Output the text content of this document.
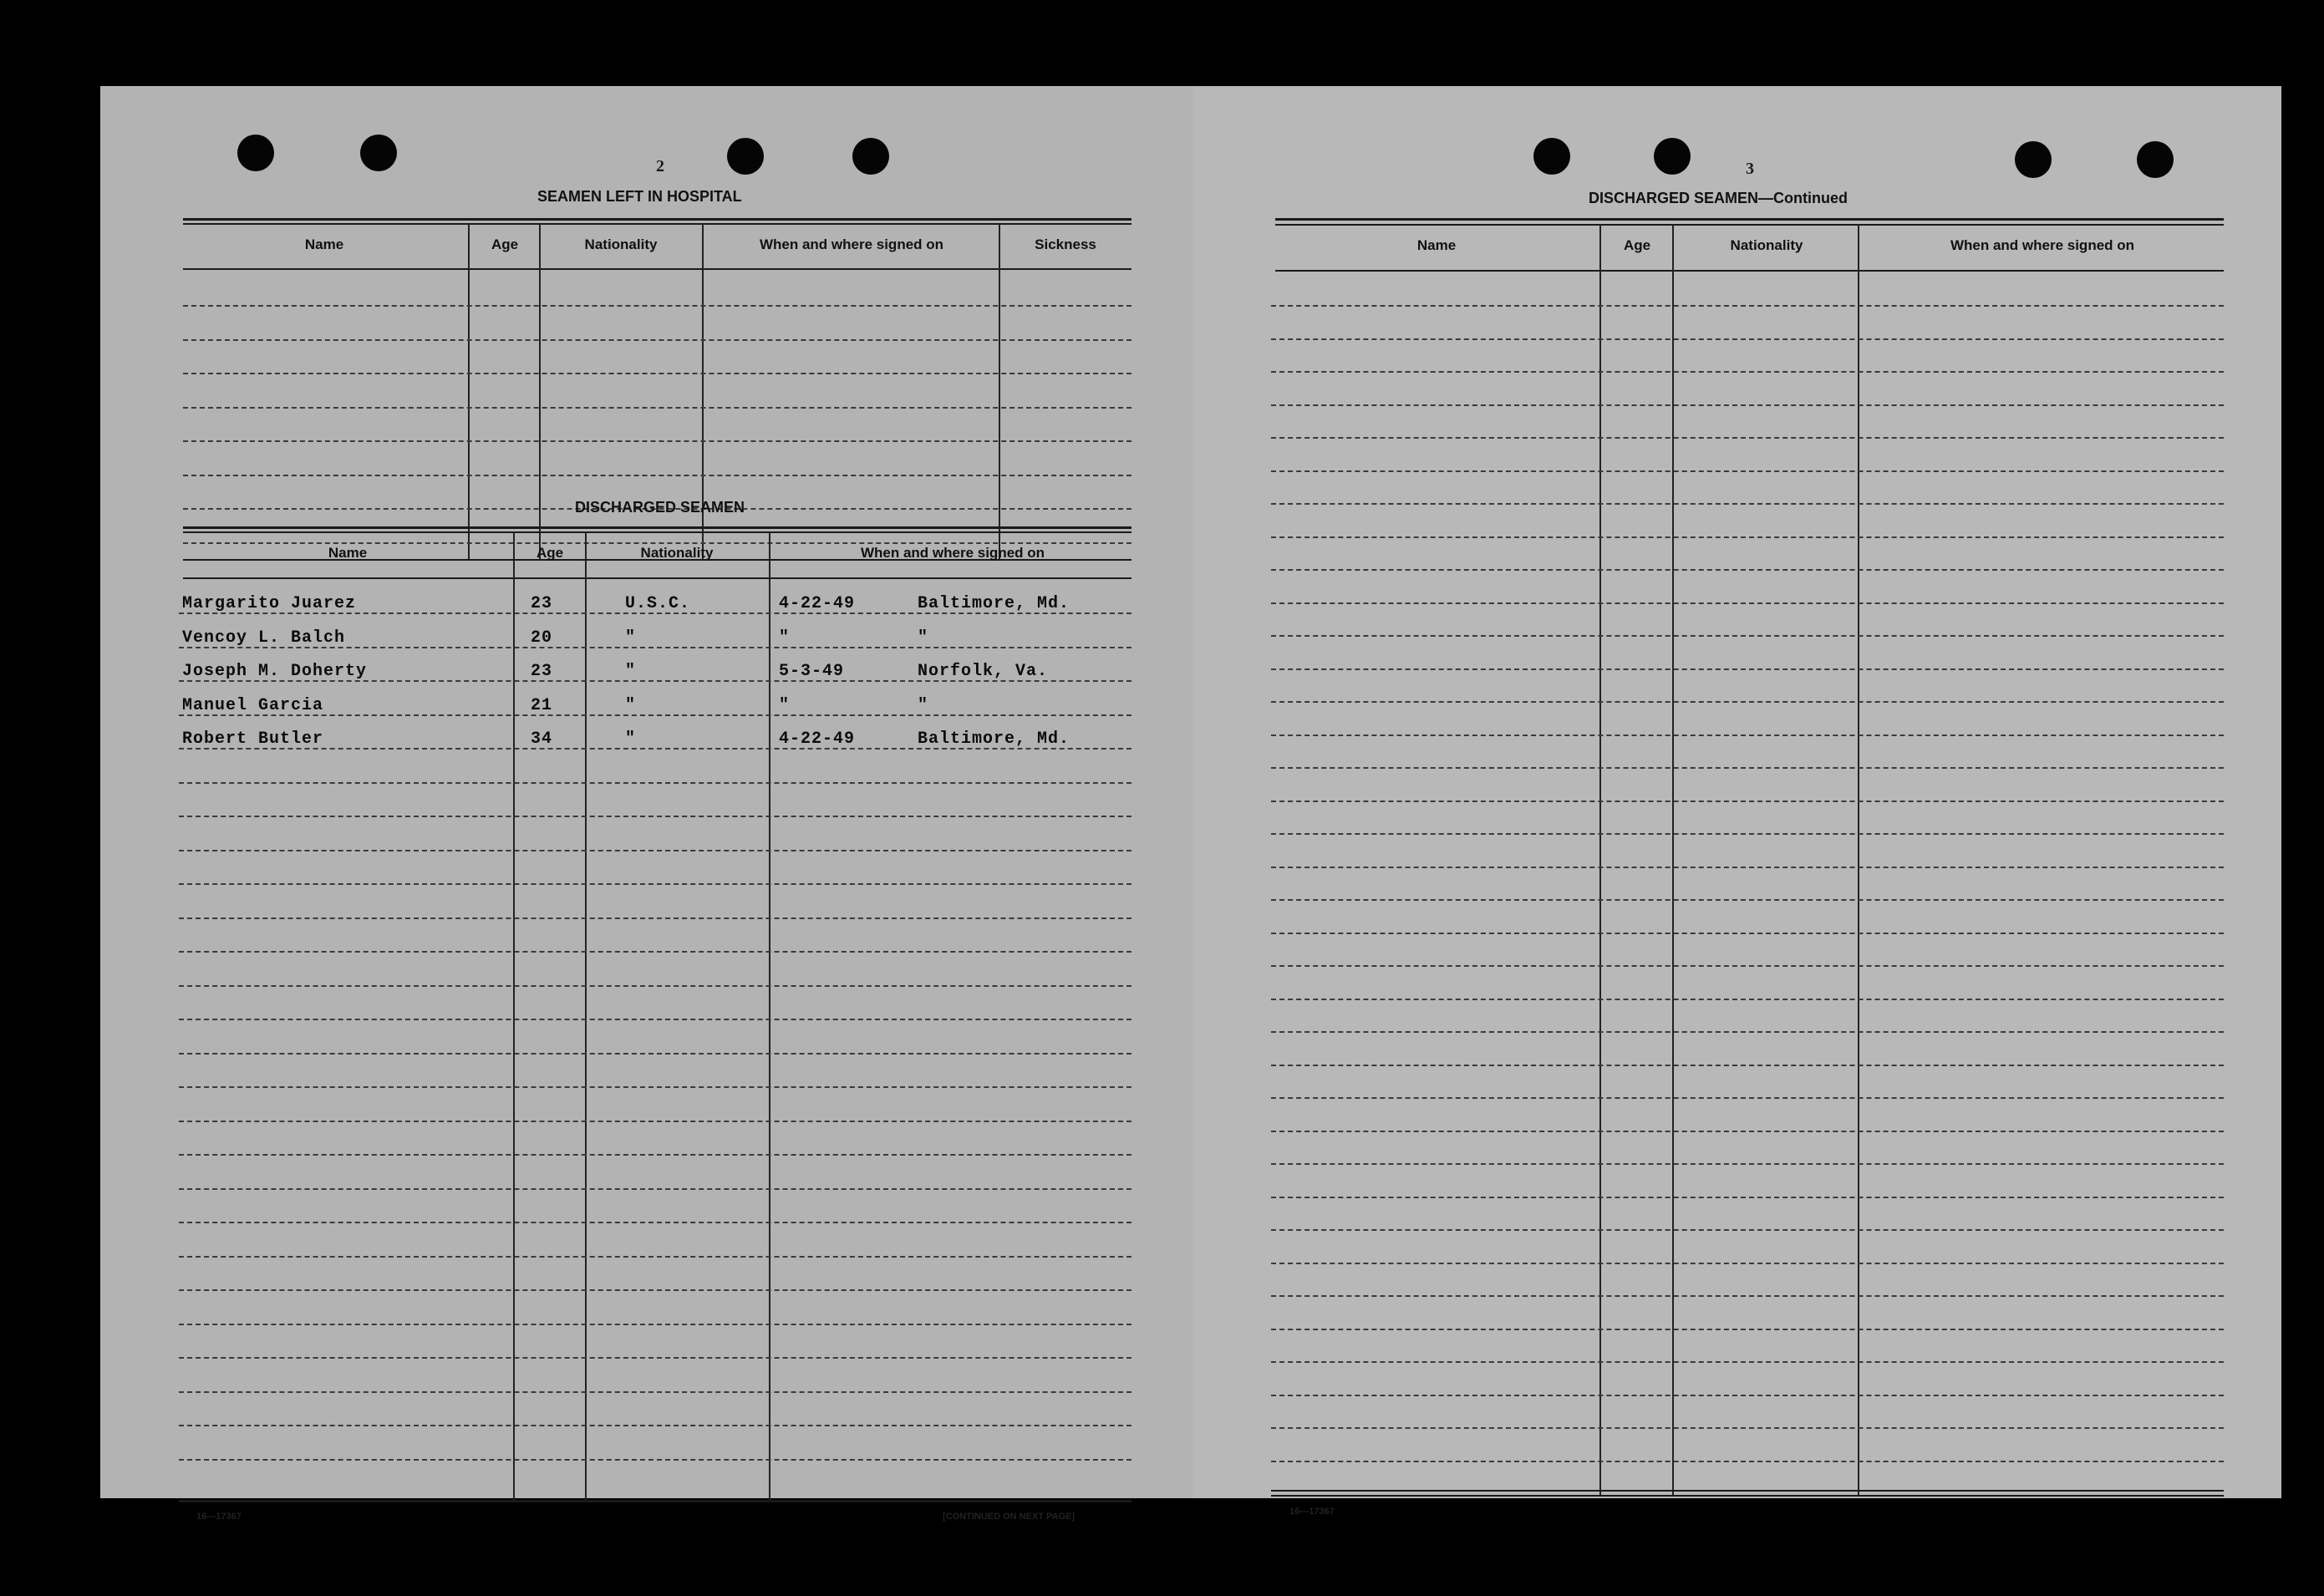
2
SEAMEN LEFT IN HOSPITAL
Name	Age	Nationality	When and where signed on	Sickness
DISCHARGED SEAMEN
Name	Age	Nationality	When and where signed on
Margarito Juarez	23	U.S.C.	4-22-49	Baltimore, Md.
Vencoy L. Balch	20	"	"	"
Joseph M. Doherty	23	"	5-3-49	Norfolk, Va.
Manuel Garcia	21	"	"	"
Robert Butler	34	"	4-22-49	Baltimore, Md.
16—17367	[CONTINUED ON NEXT PAGE]
3
DISCHARGED SEAMEN—Continued
Name	Age	Nationality	When and where signed on
16—17367
